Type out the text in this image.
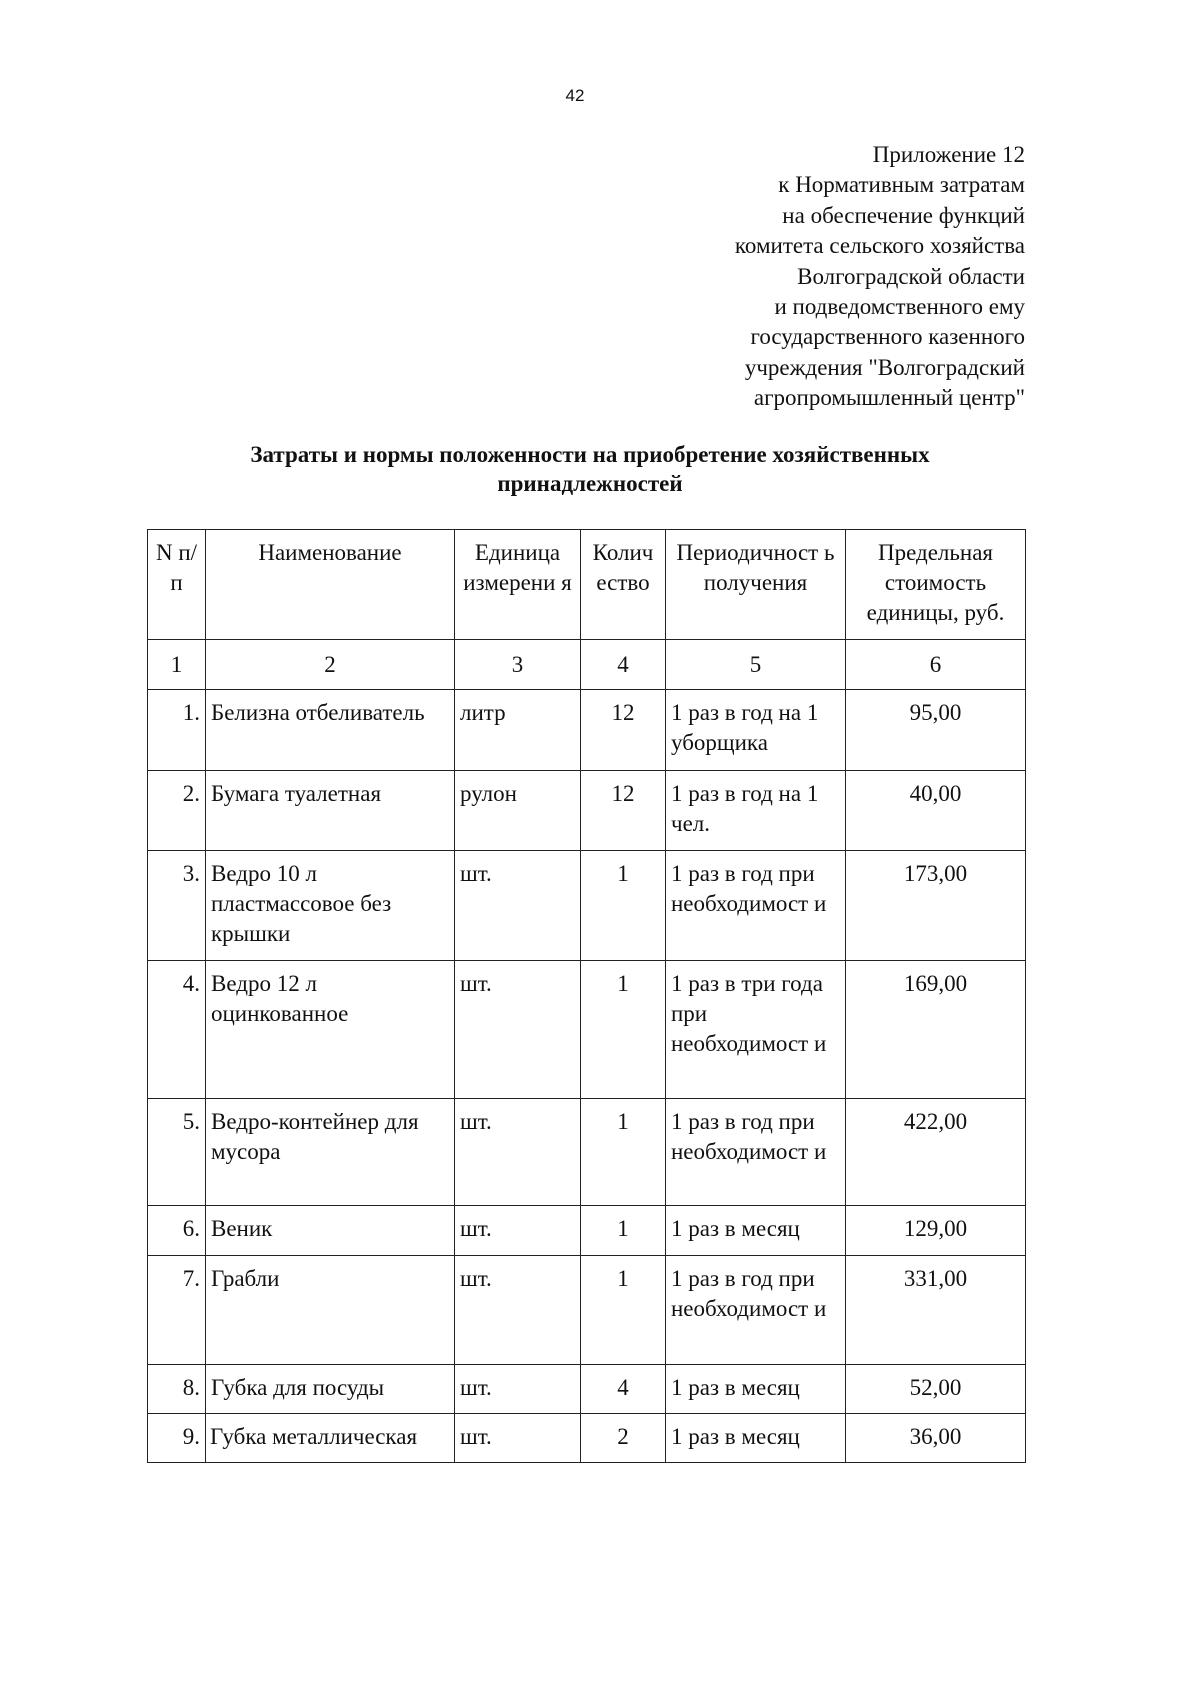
42
Приложение 12
к Нормативным затратам
на обеспечение функций
комитета сельского хозяйства
Волгоградской области
и подведомственного ему
государственного казенного
учреждения "Волгоградский
агропромышленный центр"
Затраты и нормы положенности на приобретение хозяйственных
принадлежностей
N п/п	Наименование	Единица измерени я	Колич ество	Периодичност ь получения	Предельная стоимость единицы, руб.
1	2	3	4	5	6
1.	Белизна отбеливатель	литр	12	1 раз в год на 1 уборщика	95,00
2.	Бумага туалетная	рулон	12	1 раз в год на 1 чел.	40,00
3.	Ведро 10 л пластмассовое без крышки	шт.	1	1 раз в год при необходимост и	173,00
4.	Ведро 12 л оцинкованное	шт.	1	1 раз в три года при необходимост и	169,00
5.	Ведро-контейнер для мусора	шт.	1	1 раз в год при необходимост и	422,00
6.	Веник	шт.	1	1 раз в месяц	129,00
7.	Грабли	шт.	1	1 раз в год при необходимост и	331,00
8.	Губка для посуды	шт.	4	1 раз в месяц	52,00
9.	Губка металлическая	шт.	2	1 раз в месяц	36,00
